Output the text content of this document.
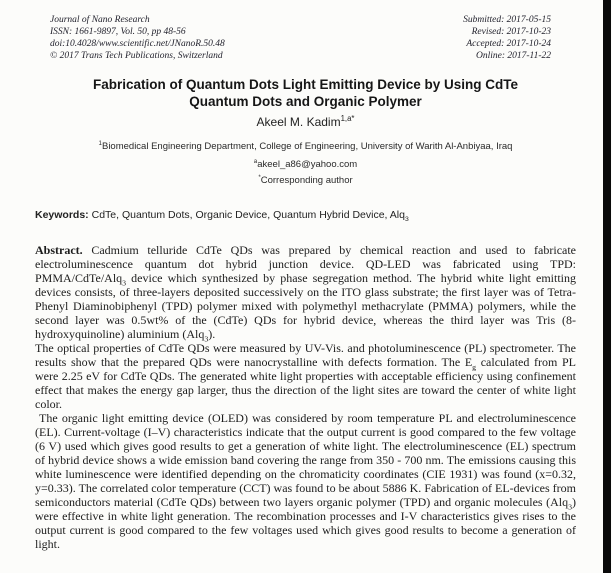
Journal of Nano Research
ISSN: 1661-9897, Vol. 50, pp 48-56
doi:10.4028/www.scientific.net/JNanoR.50.48
© 2017 Trans Tech Publications, Switzerland
Submitted: 2017-05-15
Revised: 2017-10-23
Accepted: 2017-10-24
Online: 2017-11-22
Fabrication of Quantum Dots Light Emitting Device by Using CdTe
Quantum Dots and Organic Polymer
Akeel M. Kadim$^{1,a*}$
$^1$Biomedical Engineering Department, College of Engineering, University of Warith Al-Anbiyaa, Iraq
$^a$akeel_a86@yahoo.com
*Corresponding author
Keywords: CdTe, Quantum Dots, Organic Device, Quantum Hybrid Device, Alq$_3$

Abstract. Cadmium telluride CdTe QDs was prepared by chemical reaction and used to fabricate electroluminescence quantum dot hybrid junction device. QD-LED was fabricated using TPD: PMMA/CdTe/Alq$_3$ device which synthesized by phase segregation method. The hybrid white light emitting devices consists, of three-layers deposited successively on the ITO glass substrate; the first layer was of Tetra-Phenyl Diaminobiphenyl (TPD) polymer mixed with polymethyl methacrylate (PMMA) polymers, while the second layer was 0.5wt% of the (CdTe) QDs for hybrid device, whereas the third layer was Tris (8-hydroxyquinoline) aluminium (Alq$_3$).

The optical properties of CdTe QDs were measured by UV-Vis. and photoluminescence (PL) spectrometer. The results show that the prepared QDs were nanocrystalline with defects formation. The $E_g$ calculated from PL were 2.25 eV for CdTe QDs. The generated white light properties with acceptable efficiency using confinement effect that makes the energy gap larger, thus the direction of the light sites are toward the center of white light color.

The organic light emitting device (OLED) was considered by room temperature PL and electroluminescence (EL). Current-voltage (I–V) characteristics indicate that the output current is good compared to the few voltage (6 V) used which gives good results to get a generation of white light. The electroluminescence (EL) spectrum of hybrid device shows a wide emission band covering the range from 350 - 700 nm. The emissions causing this white luminescence were identified depending on the chromaticity coordinates (CIE 1931) was found (x=0.32, y=0.33). The correlated color temperature (CCT) was found to be about 5886 K. Fabrication of EL-devices from semiconductors material (CdTe QDs) between two layers organic polymer (TPD) and organic molecules (Alq$_3$) were effective in white light generation. The recombination processes and I-V characteristics gives rises to the output current is good compared to the few voltages used which gives good results to become a generation of light.
